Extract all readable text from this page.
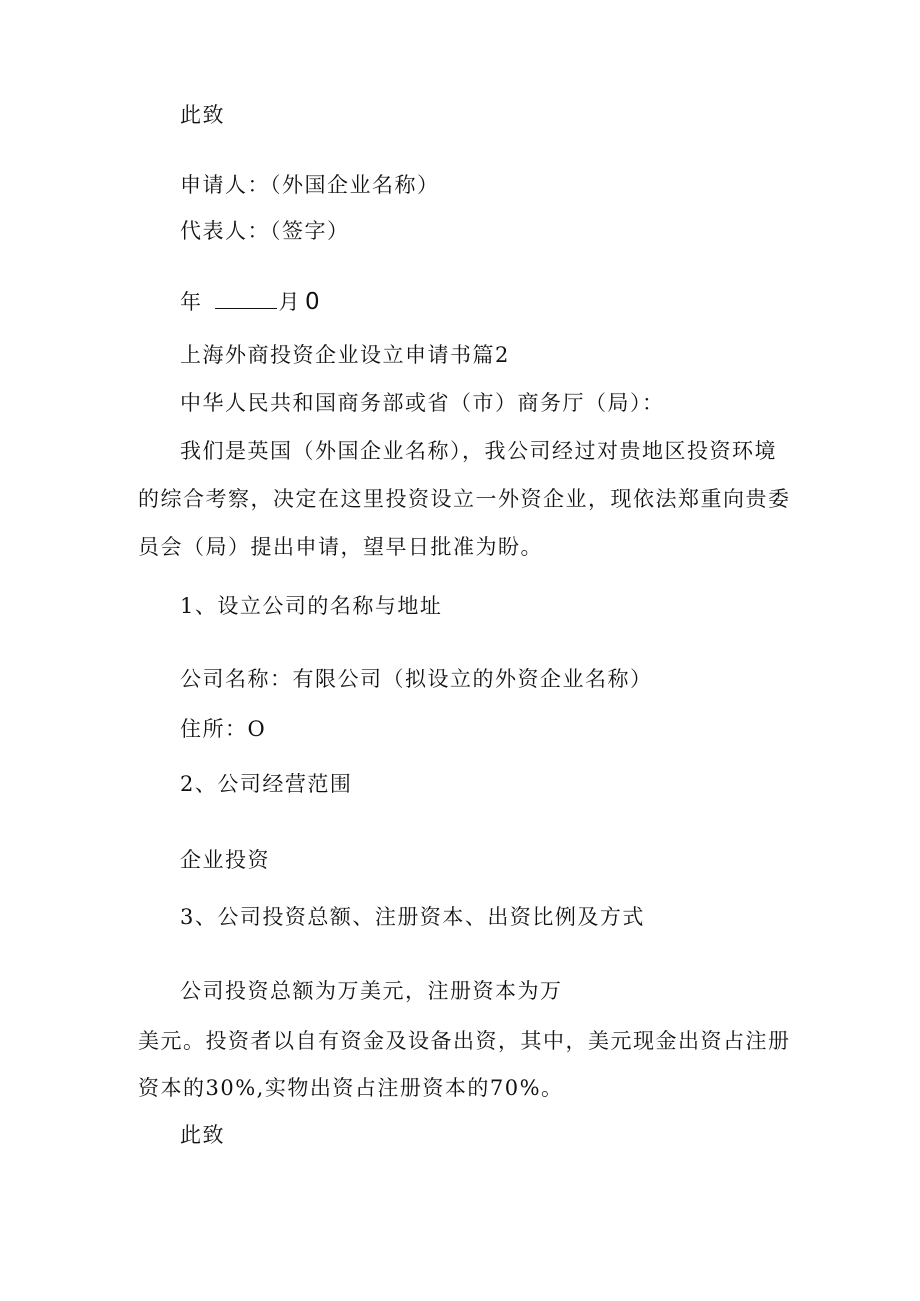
此致
申请人：（外国企业名称）
代表人：（签字）
年	月 0
上海外商投资企业设立申请书篇2
中华人民共和国商务部或省（市）商务厅（局）：
我们是英国（外国企业名称），我公司经过对贵地区投资环境
的综合考察，决定在这里投资设立一外资企业，现依法郑重向贵委
员会（局）提出申请，望早日批准为盼。
1、设立公司的名称与地址
公司名称：有限公司（拟设立的外资企业名称）
住所：O
2、公司经营范围
企业投资
3、公司投资总额、注册资本、出资比例及方式
公司投资总额为万美元，注册资本为万
美元。投资者以自有资金及设备出资，其中，美元现金出资占注册
资本的30%,实物出资占注册资本的70%。
此致
